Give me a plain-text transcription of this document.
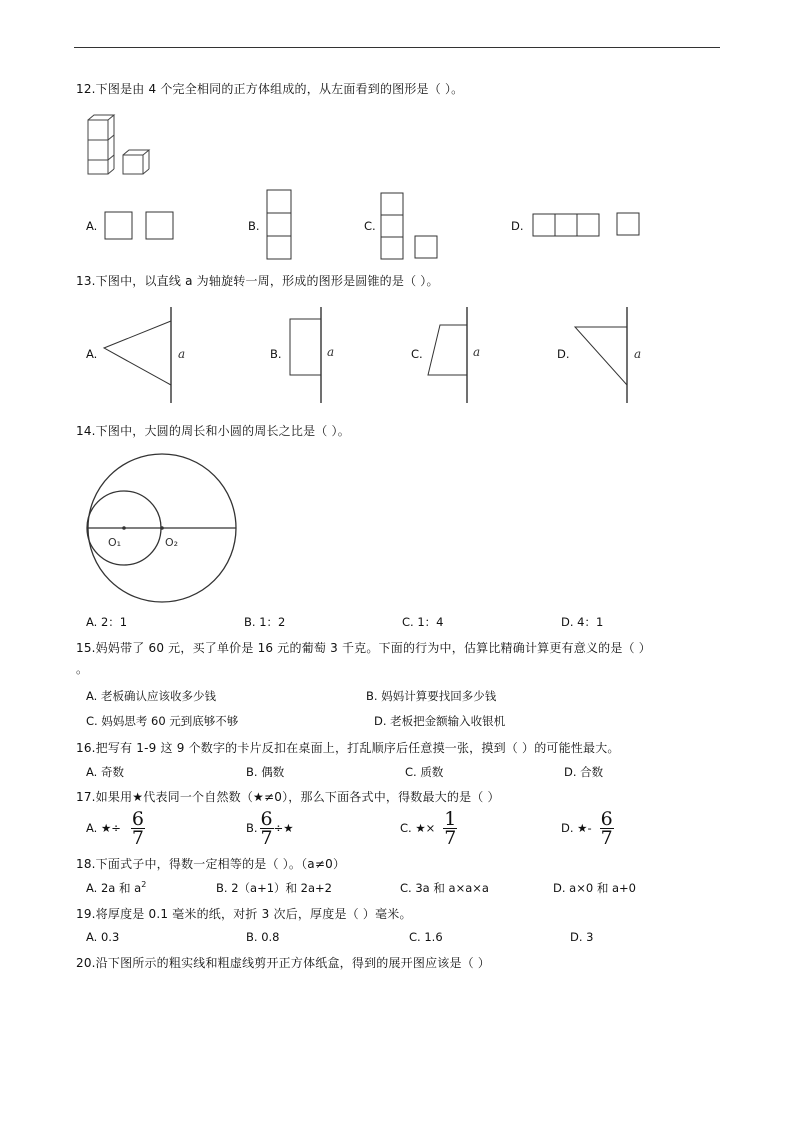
12.下图是由 4 个完全相同的正方体组成的，从左面看到的图形是（ ）。
A.	B.	C.	D.
13.下图中，以直线 a 为轴旋转一周，形成的图形是圆锥的是（ ）。
A.	a	B.	a	C.	a	D.	a
14.下图中，大圆的周长和小圆的周长之比是（ ）。
O₁	O₂
A. 2：1	B. 1：2	C. 1：4	D. 4：1
15.妈妈带了 60 元，买了单价是 16 元的葡萄 3 千克。下面的行为中，估算比精确计算更有意义的是（ ）
。
A. 老板确认应该收多少钱	B. 妈妈计算要找回多少钱
C. 妈妈思考 60 元到底够不够	D. 老板把金额输入收银机
16.把写有 1-9 这 9 个数字的卡片反扣在桌面上，打乱顺序后任意摸一张，摸到（ ）的可能性最大。
A. 奇数	B. 偶数	C. 质数	D. 合数
17.如果用★代表同一个自然数（★≠0），那么下面各式中，得数最大的是（ ）
A. ★÷ $\frac{6}{7}$	B. $\frac{6}{7}$ ÷★	C. ★× $\frac{1}{7}$	D. ★- $\frac{6}{7}$
18.下面式子中，得数一定相等的是（ ）。（a≠0）
A. 2a 和 $a^2$	B. 2（a+1）和 2a+2	C. 3a 和 a×a×a	D. a×0 和 a+0
19.将厚度是 0.1 毫米的纸，对折 3 次后，厚度是（ ）毫米。
A. 0.3	B. 0.8	C. 1.6	D. 3
20.沿下图所示的粗实线和粗虚线剪开正方体纸盒，得到的展开图应该是（ ）
